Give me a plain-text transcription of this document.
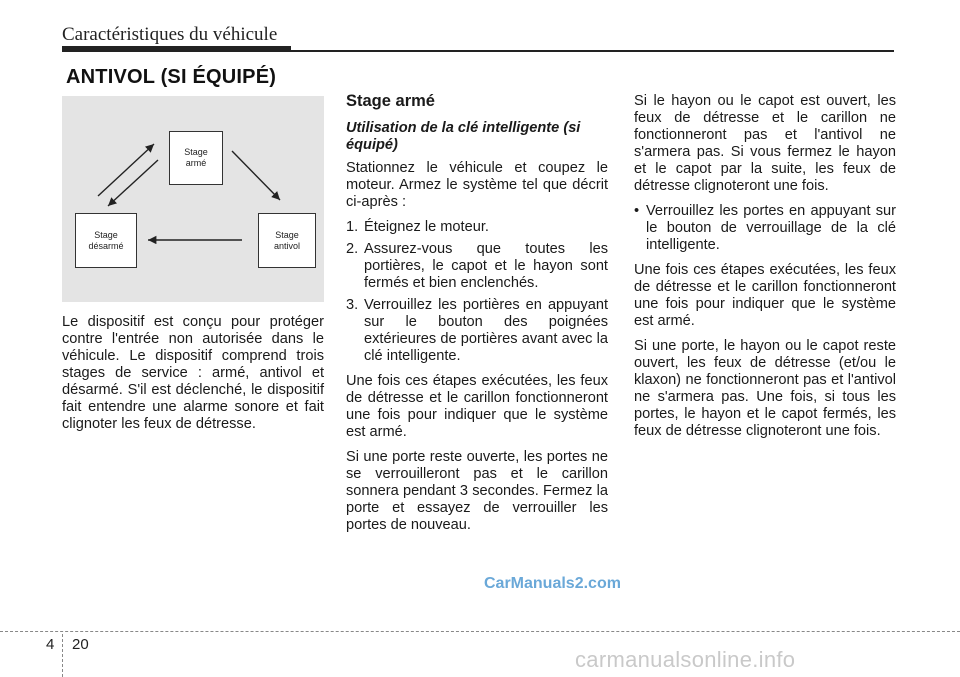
Caractéristiques du véhicule
ANTIVOL (SI ÉQUIPÉ)
Stage
armé
Stage
désarmé
Stage
antivol

Le dispositif est conçu pour protéger contre l'entrée non autorisée dans le véhicule. Le dispositif comprend trois stages de service : armé, antivol et désarmé. S'il est déclenché, le dispositif fait entendre une alarme sonore et fait clignoter les feux de détresse.

Stage armé
Utilisation de la clé intelligente (si équipé)

Stationnez le véhicule et coupez le moteur. Armez le système tel que décrit ci-après :

1. Éteignez le moteur.
2. Assurez-vous que toutes les portières, le capot et le hayon sont fermés et bien enclenchés.
3. Verrouillez les portières en appuyant sur le bouton des poignées extérieures de portières avant avec la clé intelligente.

Une fois ces étapes exécutées, les feux de détresse et le carillon fonctionneront une fois pour indiquer que le système est armé.

Si une porte reste ouverte, les portes ne se verrouilleront pas et le carillon sonnera pendant 3 secondes. Fermez la porte et essayez de verrouiller les portes de nouveau.

Si le hayon ou le capot est ouvert, les feux de détresse et le carillon ne fonctionneront pas et l'antivol ne s'armera pas. Si vous fermez le hayon et le capot par la suite, les feux de détresse clignoteront une fois.

• Verrouillez les portes en appuyant sur le bouton de verrouillage de la clé intelligente.

Une fois ces étapes exécutées, les feux de détresse et le carillon fonctionneront une fois pour indiquer que le système est armé.

Si une porte, le hayon ou le capot reste ouvert, les feux de détresse (et/ou le klaxon) ne fonctionneront pas et l'antivol ne s'armera pas. Une fois, si tous les portes, le hayon et le capot fermés, les feux de détresse clignoteront une fois.

CarManuals2.com
4 20
carmanualsonline.info
